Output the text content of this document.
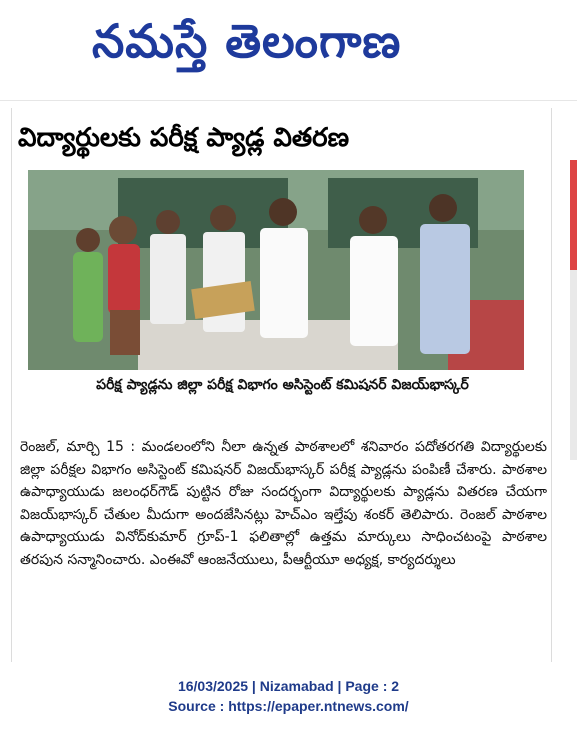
నమస్తే తెలంగాణ
విద్యార్థులకు పరీక్ష ప్యాడ్ల వితరణ
పరీక్ష ప్యాడ్లను జిల్లా పరీక్ష విభాగం అసిస్టెంట్ కమిషనర్ విజయ్‌భాస్కర్
రెంజల్, మార్చి 15 : మండలంలోని నీలా ఉన్నత పాఠశాలలో శనివారం పదోతరగతి విద్యార్థులకు జిల్లా పరీక్షల విభాగం అసిస్టెంట్ కమిషనర్ విజయ్‌భాస్కర్ పరీక్ష ప్యాడ్లను పంపిణీ చేశారు. పాఠశాల ఉపాధ్యాయుడు జలంధర్‌గౌడ్ పుట్టిన రోజు సందర్భంగా విద్యార్థులకు ప్యాడ్లను వితరణ చేయగా విజయ్‌భాస్కర్ చేతుల మీదుగా అందజేసినట్లు హెచ్‌ఎం ఇల్తేపు శంకర్ తెలిపారు. రెంజల్ పాఠశాల ఉపాధ్యాయుడు వినోద్‌కుమార్ గ్రూప్-1 ఫలితాల్లో ఉత్తమ మార్కులు సాధించటంపై పాఠశాల తరపున సన్మానించారు. ఎంఈవో ఆంజనేయులు, పీఆర్టీయూ అధ్యక్ష, కార్యదర్శులు
16/03/2025 | Nizamabad | Page : 2
Source : https://epaper.ntnews.com/
